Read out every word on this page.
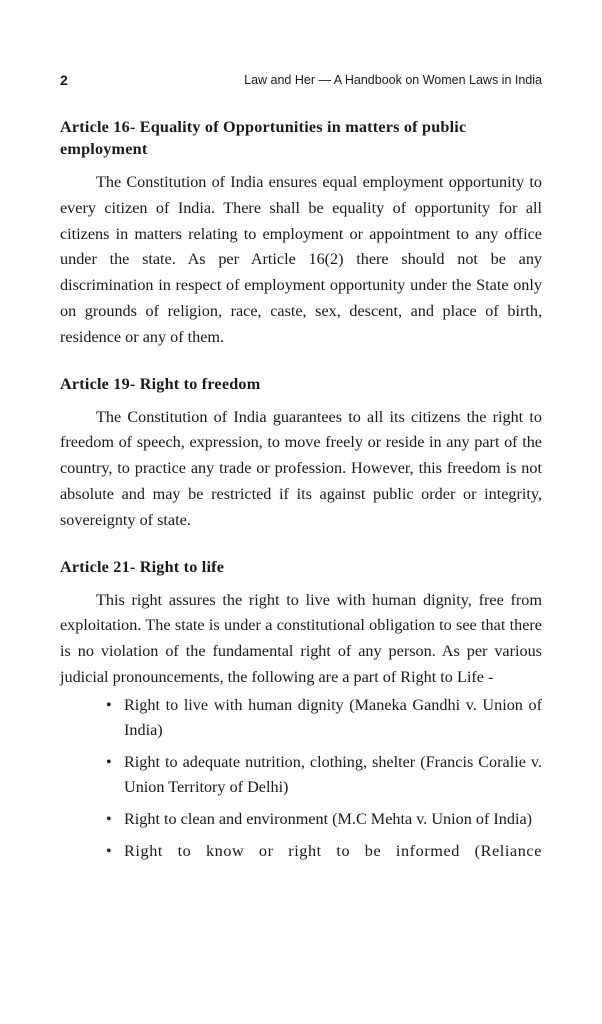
2	Law and Her — A Handbook on Women Laws in India
Article 16- Equality of Opportunities in matters of public employment

The Constitution of India ensures equal employment opportunity to every citizen of India. There shall be equality of opportunity for all citizens in matters relating to employment or appointment to any office under the state. As per Article 16(2) there should not be any discrimination in respect of employment opportunity under the State only on grounds of religion, race, caste, sex, descent, and place of birth, residence or any of them.

Article 19- Right to freedom

The Constitution of India guarantees to all its citizens the right to freedom of speech, expression, to move freely or reside in any part of the country, to practice any trade or profession. However, this freedom is not absolute and may be restricted if its against public order or integrity, sovereignty of state.

Article 21- Right to life

This right assures the right to live with human dignity, free from exploitation. The state is under a constitutional obligation to see that there is no violation of the fundamental right of any person. As per various judicial pronouncements, the following are a part of Right to Life -

• Right to live with human dignity (Maneka Gandhi v. Union of India)
• Right to adequate nutrition, clothing, shelter (Francis Coralie v. Union Territory of Delhi)
• Right to clean and environment (M.C Mehta v. Union of India)
• Right to know or right to be informed (Reliance
